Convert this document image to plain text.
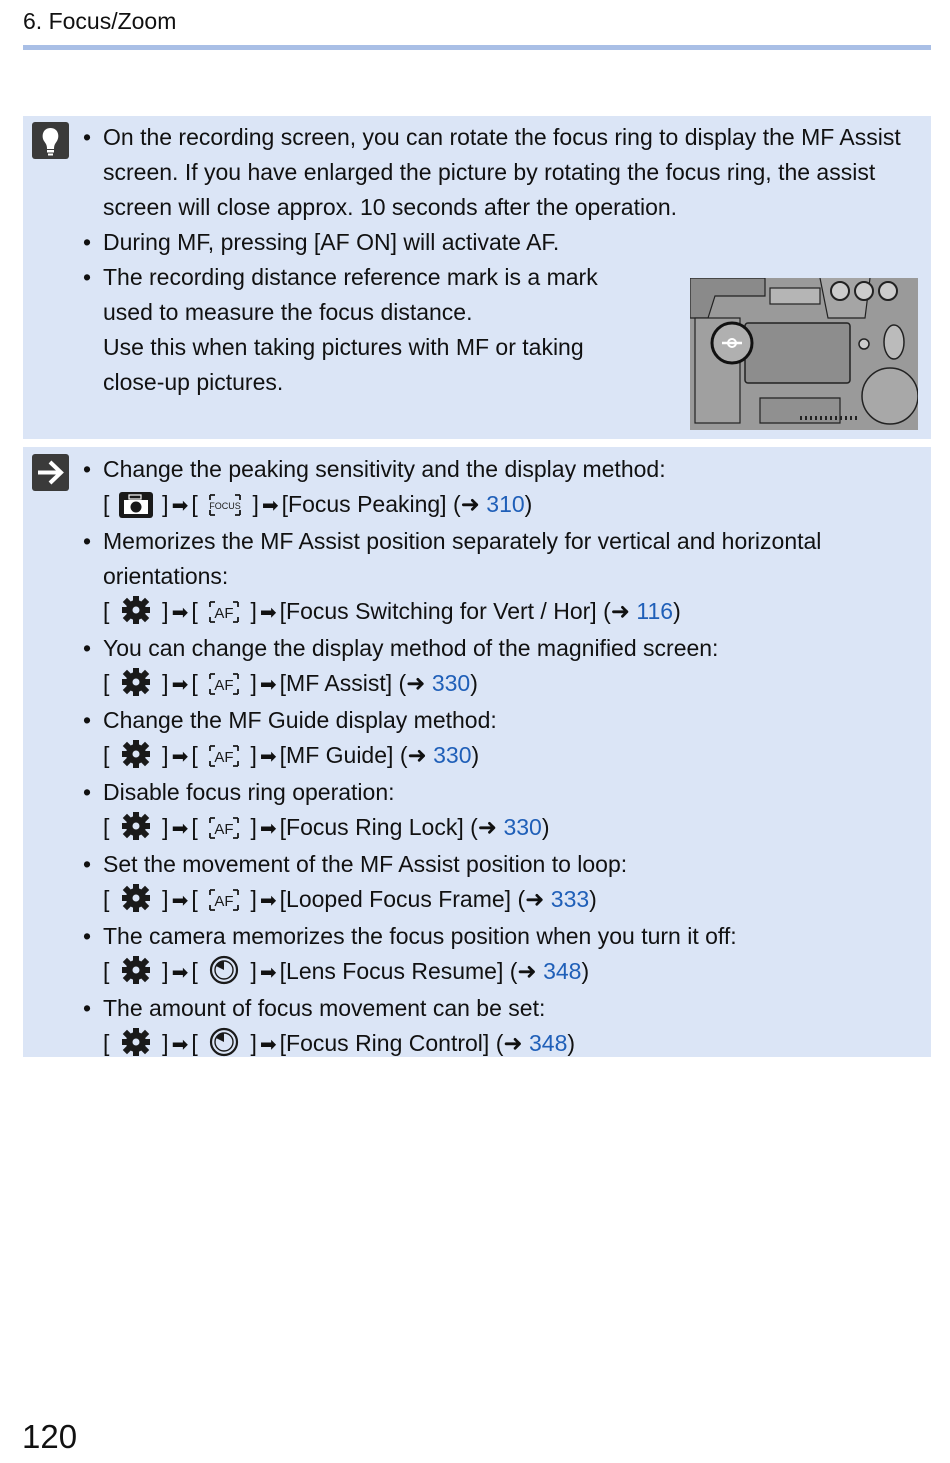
6. Focus/Zoom
• On the recording screen, you can rotate the focus ring to display the MF Assist screen. If you have enlarged the picture by rotating the focus ring, the assist screen will close approx. 10 seconds after the operation.
• During MF, pressing [AF ON] will activate AF.
• The recording distance reference mark is a mark
used to measure the focus distance.
Use this when taking pictures with MF or taking
close-up pictures.
• Change the peaking sensitivity and the display method:
[ ] ➡ [ FOCUS ] ➡ [Focus Peaking] (➜ 310)
• Memorizes the MF Assist position separately for vertical and horizontal orientations:
[ ] ➡ [ AF ] ➡ [Focus Switching for Vert / Hor] (➜ 116)
• You can change the display method of the magnified screen:
[ ] ➡ [ AF ] ➡ [MF Assist] (➜ 330)
• Change the MF Guide display method:
[ ] ➡ [ AF ] ➡ [MF Guide] (➜ 330)
• Disable focus ring operation:
[ ] ➡ [ AF ] ➡ [Focus Ring Lock] (➜ 330)
• Set the movement of the MF Assist position to loop:
[ ] ➡ [ AF ] ➡ [Looped Focus Frame] (➜ 333)
• The camera memorizes the focus position when you turn it off:
[ ] ➡ [ ] ➡ [Lens Focus Resume] (➜ 348)
• The amount of focus movement can be set:
[ ] ➡ [ ] ➡ [Focus Ring Control] (➜ 348)
120
